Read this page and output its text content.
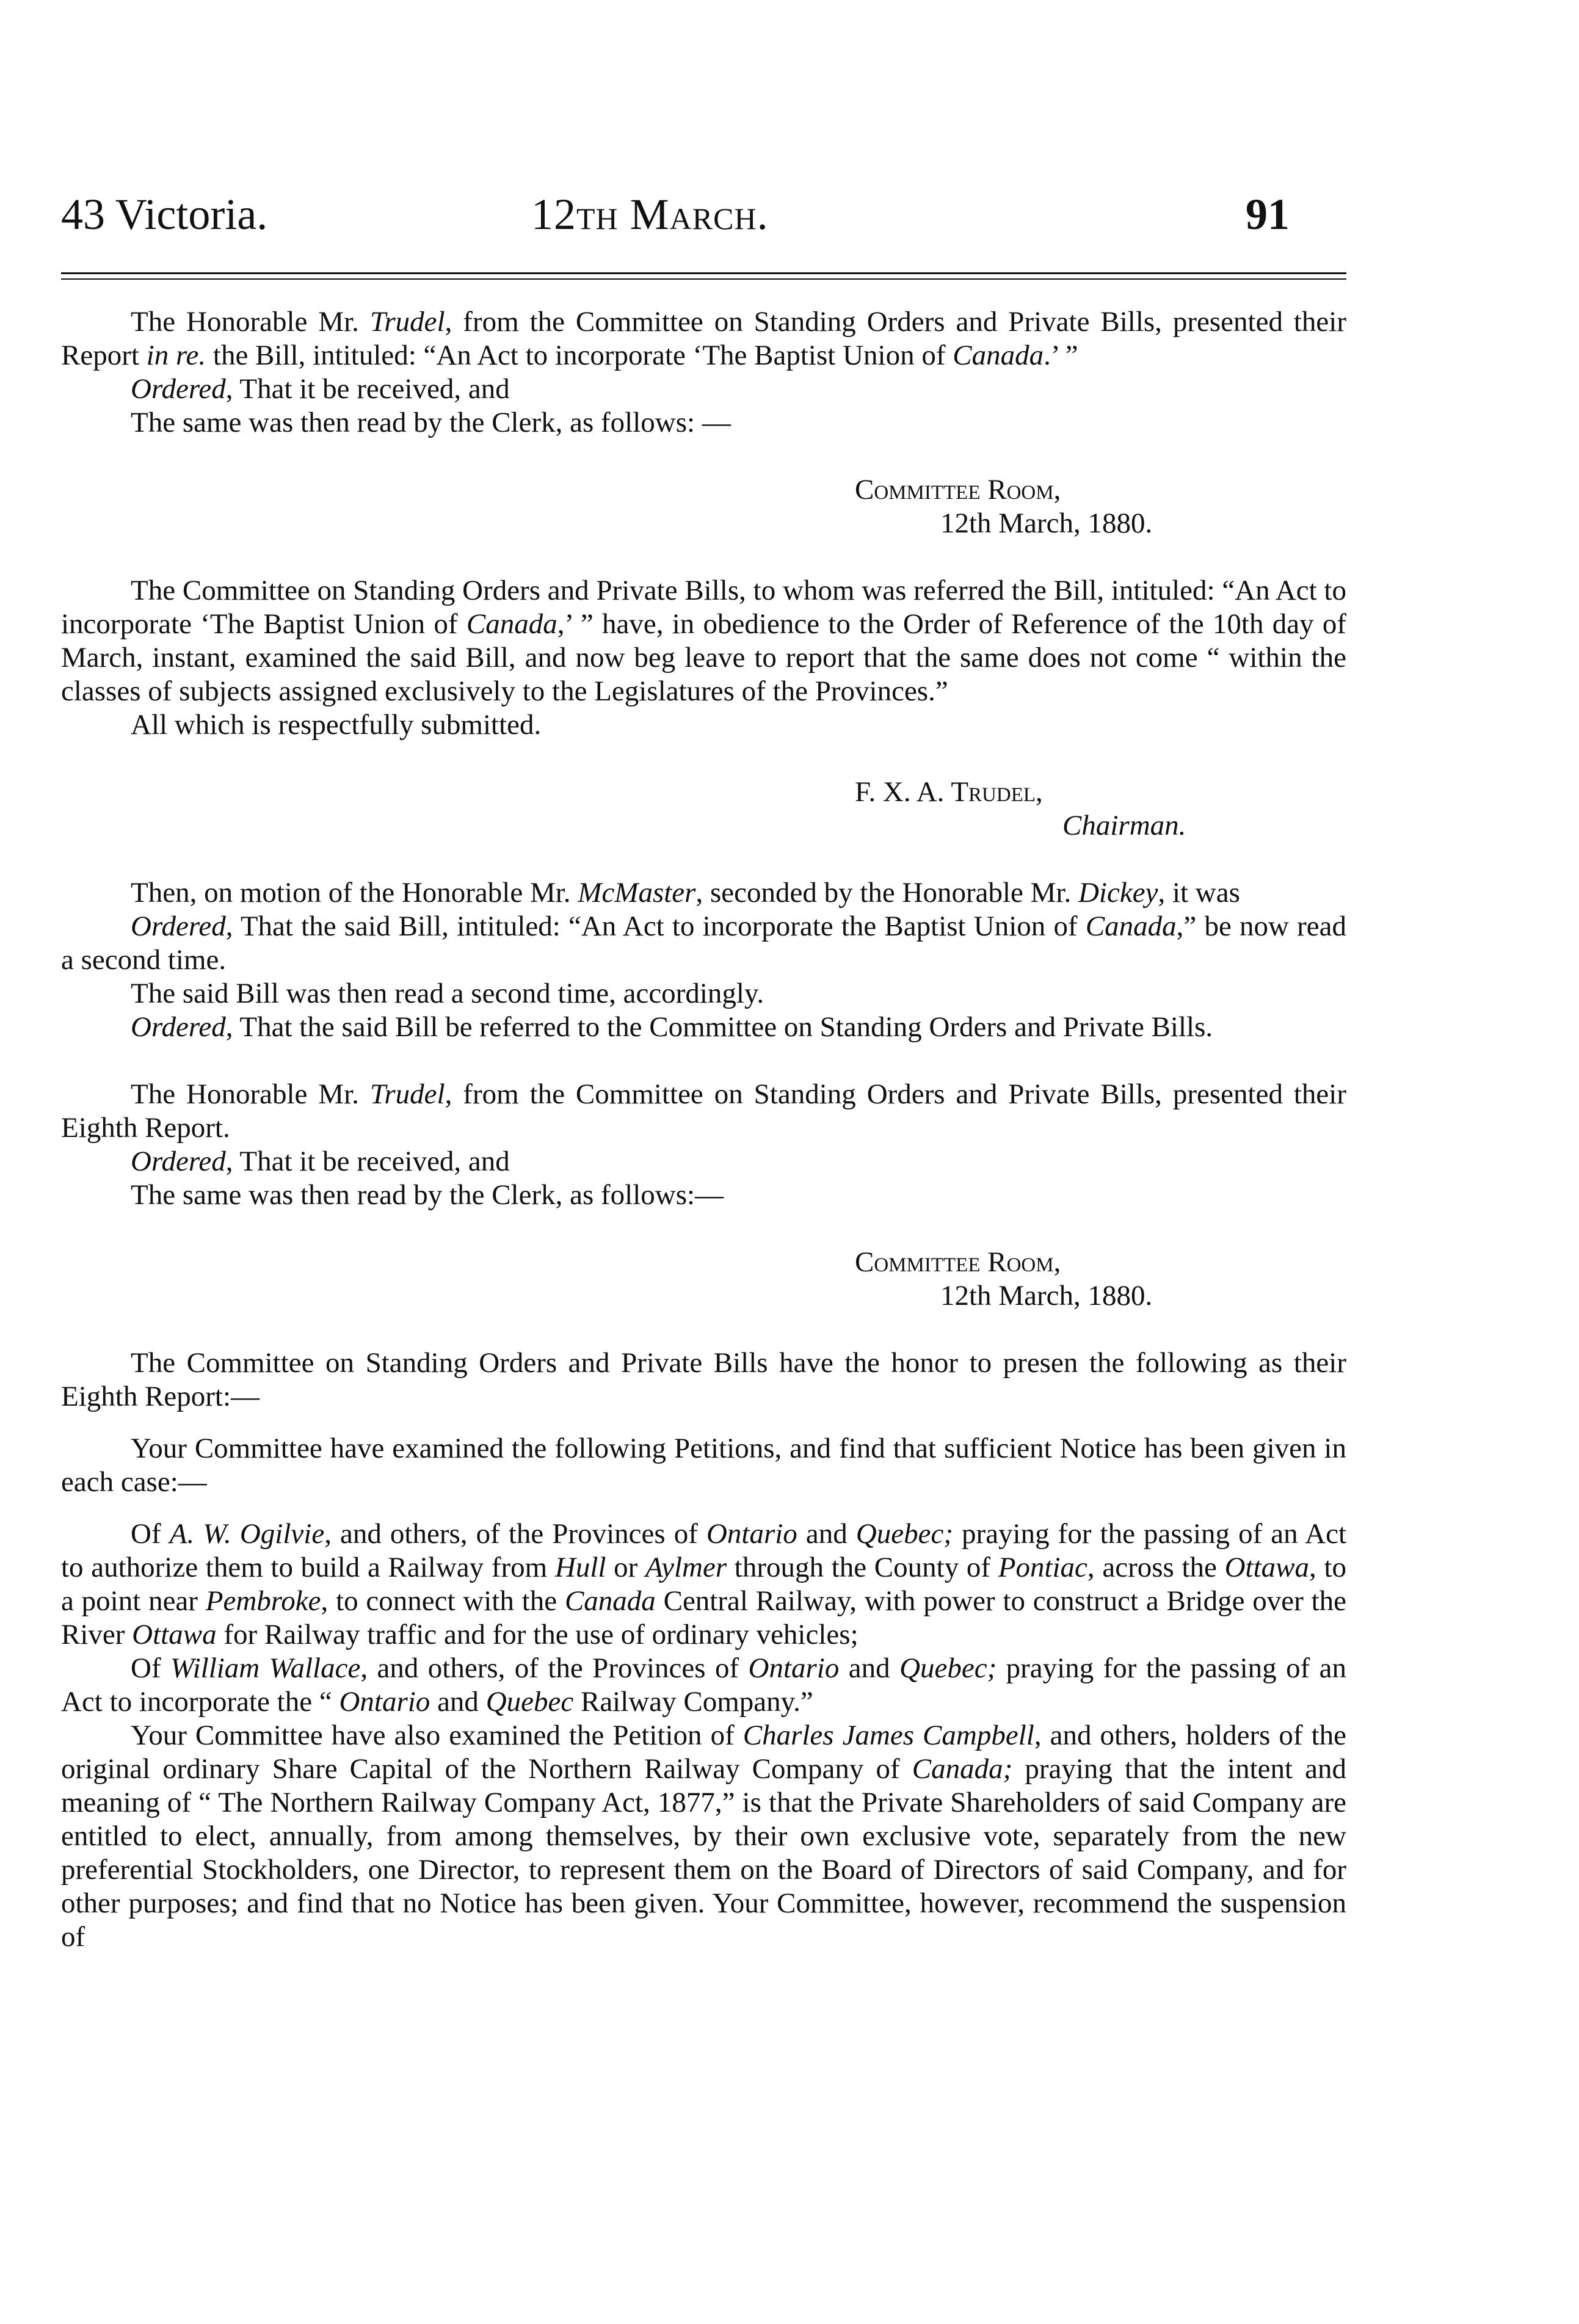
43 Victoria.	12th March.	91

The Honorable Mr. Trudel, from the Committee on Standing Orders and Private Bills, presented their Report in re. the Bill, intituled: “An Act to incorporate ‘The Baptist Union of Canada.’ ”

Ordered, That it be received, and

The same was then read by the Clerk, as follows: —

Committee Room,

12th March, 1880.

The Committee on Standing Orders and Private Bills, to whom was referred the Bill, intituled: “An Act to incorporate ‘The Baptist Union of Canada,’ ” have, in obedience to the Order of Reference of the 10th day of March, instant, examined the said Bill, and now beg leave to report that the same does not come “ within the classes of subjects assigned exclusively to the Legislatures of the Provinces.”

All which is respectfully submitted.

F. X. A. Trudel,

Chairman.

Then, on motion of the Honorable Mr. McMaster, seconded by the Honorable Mr. Dickey, it was

Ordered, That the said Bill, intituled: “An Act to incorporate the Baptist Union of Canada,” be now read a second time.

The said Bill was then read a second time, accordingly.

Ordered, That the said Bill be referred to the Committee on Standing Orders and Private Bills.

The Honorable Mr. Trudel, from the Committee on Standing Orders and Private Bills, presented their Eighth Report.

Ordered, That it be received, and

The same was then read by the Clerk, as follows:—

Committee Room,

12th March, 1880.

The Committee on Standing Orders and Private Bills have the honor to presen the following as their Eighth Report:—

Your Committee have examined the following Petitions, and find that sufficient Notice has been given in each case:—

Of A. W. Ogilvie, and others, of the Provinces of Ontario and Quebec; praying for the passing of an Act to authorize them to build a Railway from Hull or Aylmer through the County of Pontiac, across the Ottawa, to a point near Pembroke, to connect with the Canada Central Railway, with power to construct a Bridge over the River Ottawa for Railway traffic and for the use of ordinary vehicles;

Of William Wallace, and others, of the Provinces of Ontario and Quebec; praying for the passing of an Act to incorporate the “ Ontario and Quebec Railway Company.”

Your Committee have also examined the Petition of Charles James Campbell, and others, holders of the original ordinary Share Capital of the Northern Railway Company of Canada; praying that the intent and meaning of “ The Northern Railway Company Act, 1877,” is that the Private Shareholders of said Company are entitled to elect, annually, from among themselves, by their own exclusive vote, separately from the new preferential Stockholders, one Director, to represent them on the Board of Directors of said Company, and for other purposes; and find that no Notice has been given. Your Committee, however, recommend the suspension of
